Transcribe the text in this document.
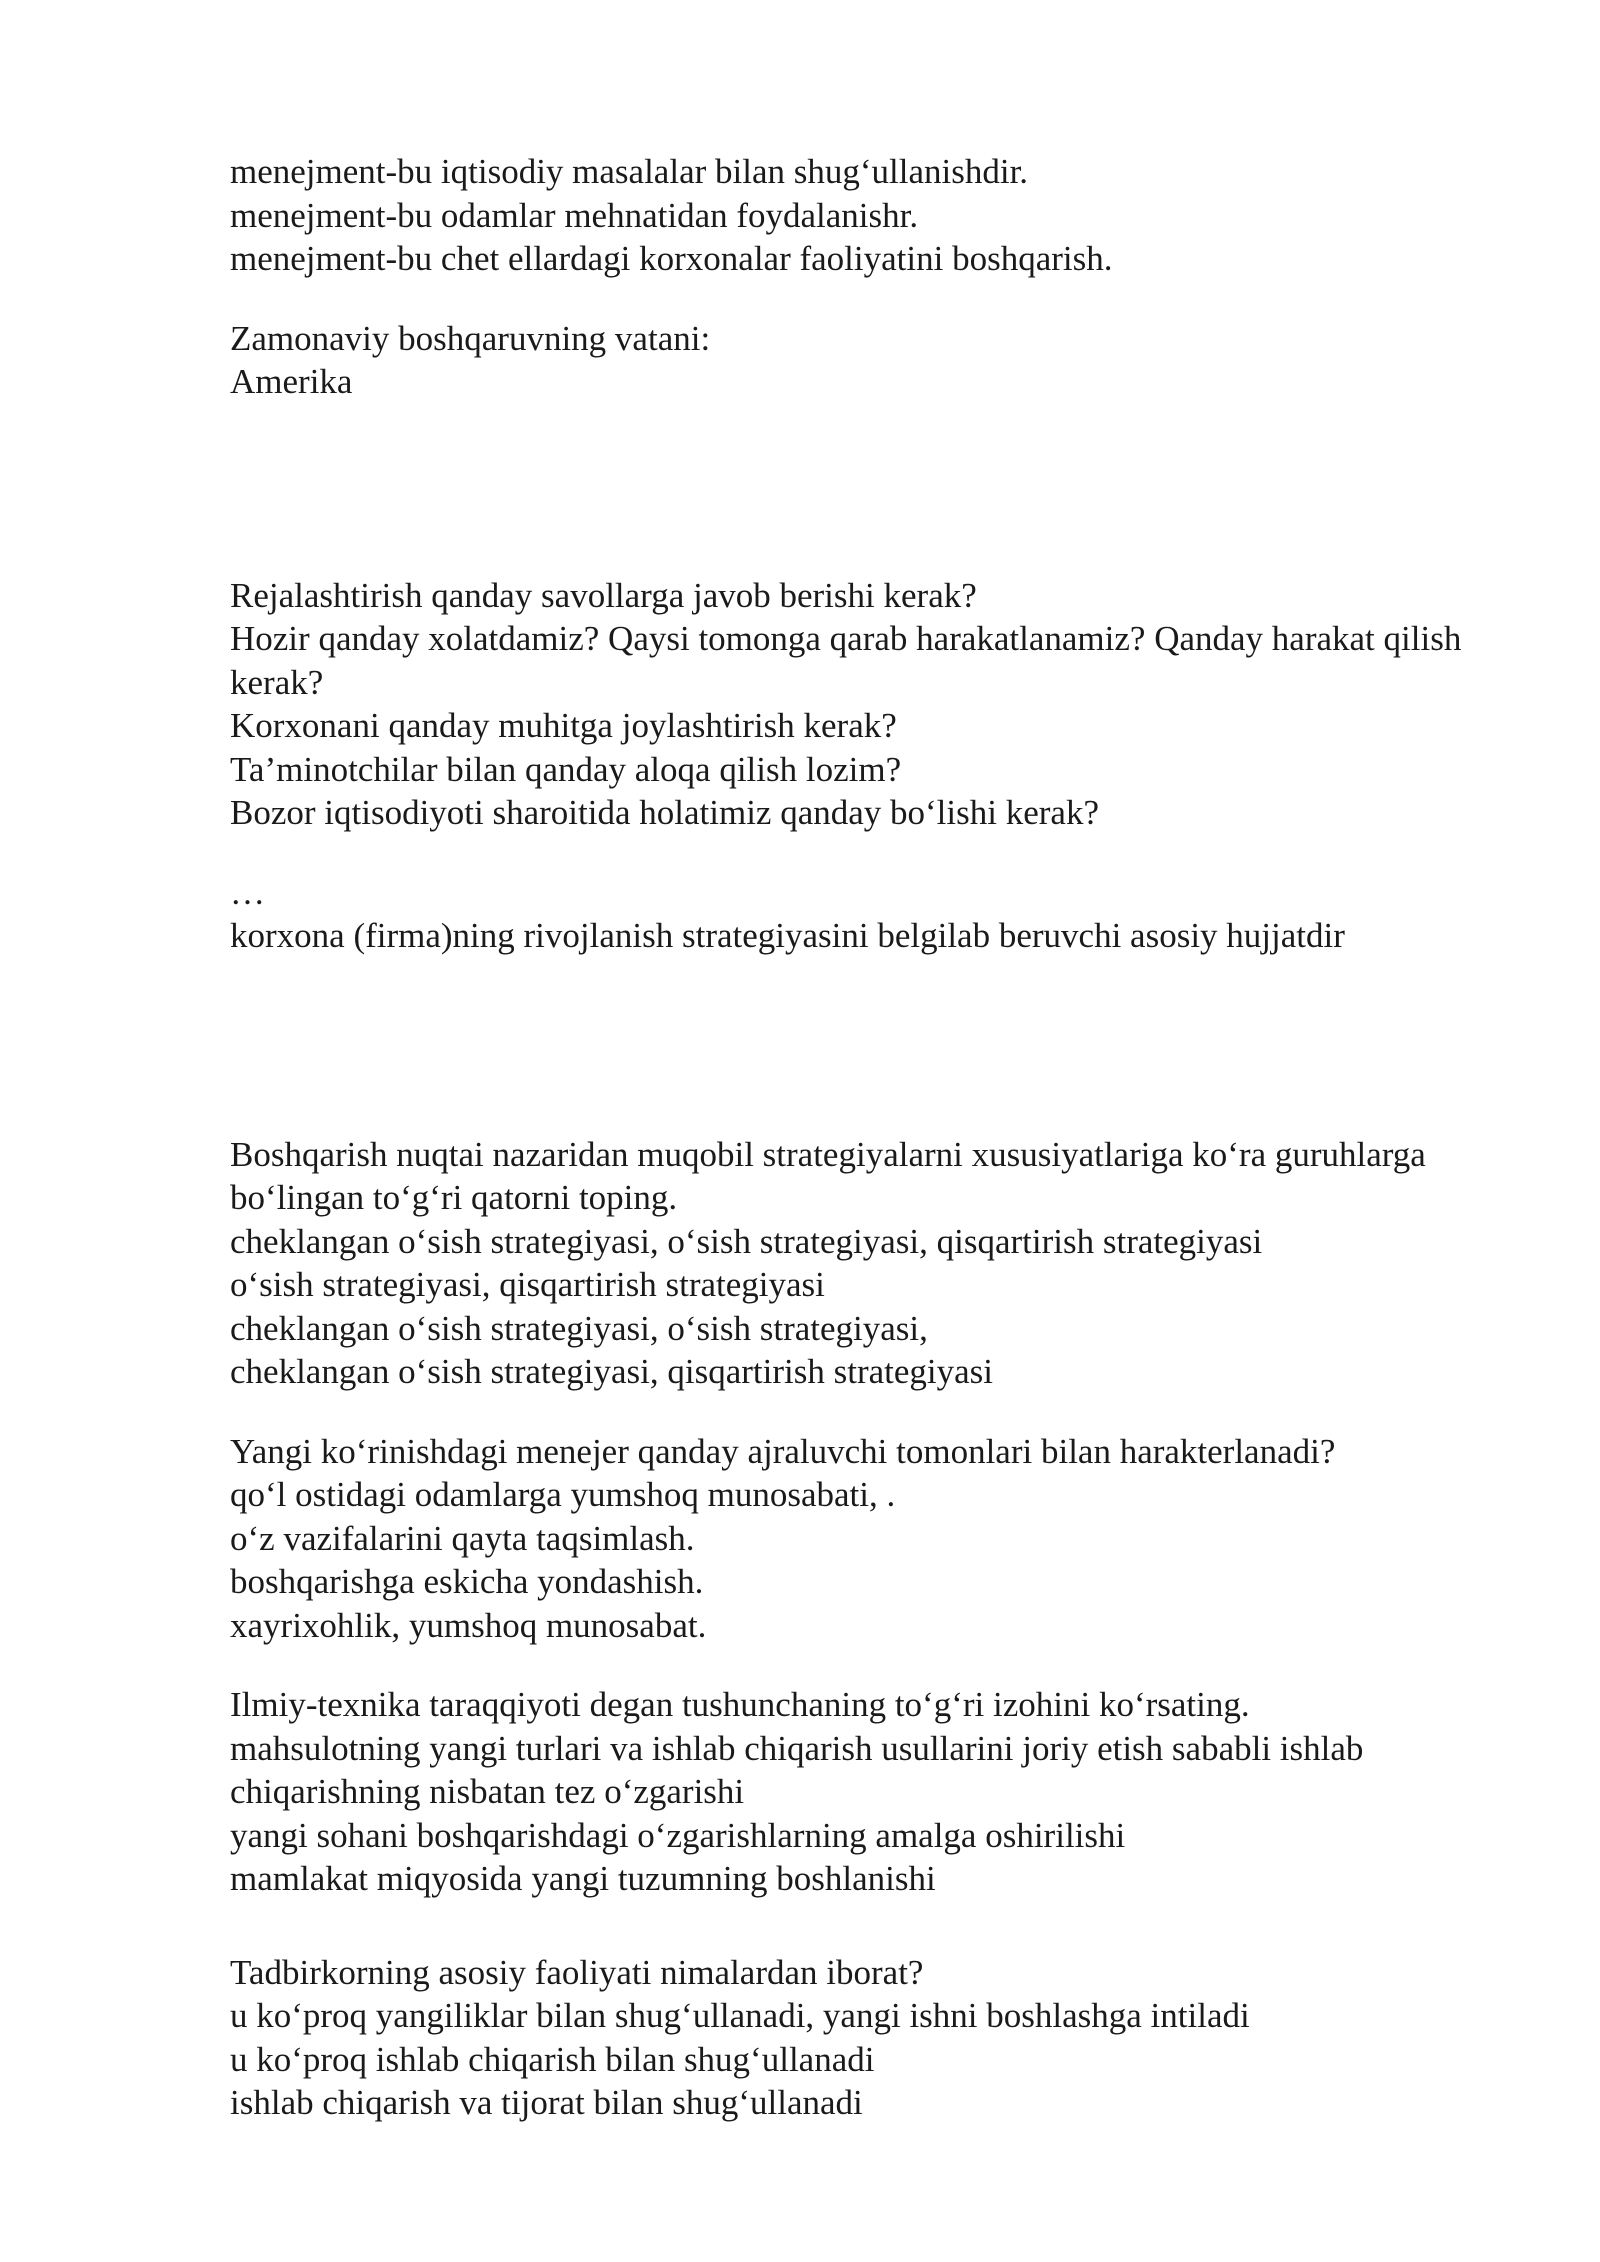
menejment-bu iqtisodiy masalalar bilan shug‘ullanishdir.
menejment-bu odamlar mehnatidan foydalanishr.
menejment-bu chet ellardagi korxonalar faoliyatini boshqarish.
Zamonaviy boshqaruvning vatani:
Amerika
Rejalashtirish qanday savollarga javob berishi kerak?
Hozir qanday xolatdamiz? Qaysi tomonga qarab harakatlanamiz? Qanday harakat qilish kerak?
Korxonani qanday muhitga joylashtirish kerak?
Ta’minotchilar bilan qanday aloqa qilish lozim?
Bozor iqtisodiyoti sharoitida holatimiz qanday bo‘lishi kerak?
…
korxona (firma)ning rivojlanish strategiyasini belgilab beruvchi asosiy hujjatdir
Boshqarish nuqtai nazaridan muqobil strategiyalarni xususiyatlariga ko‘ra guruhlarga bo‘lingan to‘g‘ri qatorni toping.
cheklangan o‘sish strategiyasi, o‘sish strategiyasi, qisqartirish strategiyasi
o‘sish strategiyasi, qisqartirish strategiyasi
cheklangan o‘sish strategiyasi, o‘sish strategiyasi,
cheklangan o‘sish strategiyasi, qisqartirish strategiyasi
Yangi ko‘rinishdagi menejer qanday ajraluvchi tomonlari bilan harakterlanadi?
qo‘l ostidagi odamlarga yumshoq munosabati, .
o‘z vazifalarini qayta taqsimlash.
boshqarishga eskicha yondashish.
xayrixohlik, yumshoq munosabat.
Ilmiy-texnika taraqqiyoti degan tushunchaning to‘g‘ri izohini ko‘rsating.
mahsulotning yangi turlari va ishlab chiqarish usullarini joriy etish sababli ishlab chiqarishning nisbatan tez o‘zgarishi
yangi sohani boshqarishdagi o‘zgarishlarning amalga oshirilishi
mamlakat miqyosida yangi tuzumning boshlanishi
Tadbirkorning asosiy faoliyati nimalardan iborat?
u ko‘proq yangiliklar bilan shug‘ullanadi, yangi ishni boshlashga intiladi
u ko‘proq ishlab chiqarish bilan shug‘ullanadi
ishlab chiqarish va tijorat bilan shug‘ullanadi
